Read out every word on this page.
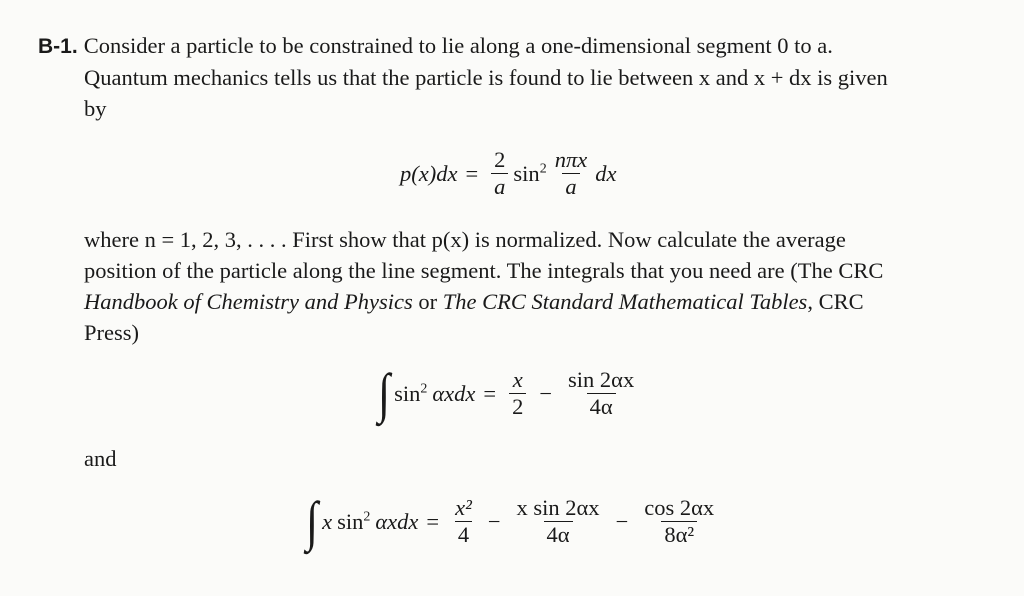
B-1. Consider a particle to be constrained to lie along a one-dimensional segment 0 to a.

Quantum mechanics tells us that the particle is found to lie between x and x + dx is given

by

$p(x)dx = \frac{2}{a} \sin^2 \frac{\text{nπx}}{a}$ dx

where n = 1, 2, 3, . . . . First show that p(x) is normalized. Now calculate the average

position of the particle along the line segment. The integrals that you need are (The CRC

Handbook of Chemistry and Physics or The CRC Standard Mathematical Tables, CRC

Press)

∫ $\sin^2 \alpha xdx = \frac{x}{2} - \frac{\sin 2\alpha x}{4\alpha}$
and
∫ x $\sin^2 \alpha xdx = \frac{\text{x²}}{4} - \frac{\text{x sin 2αx}}{4\alpha} - \frac{\cos 2\alpha x}{\text{8α²}}$
